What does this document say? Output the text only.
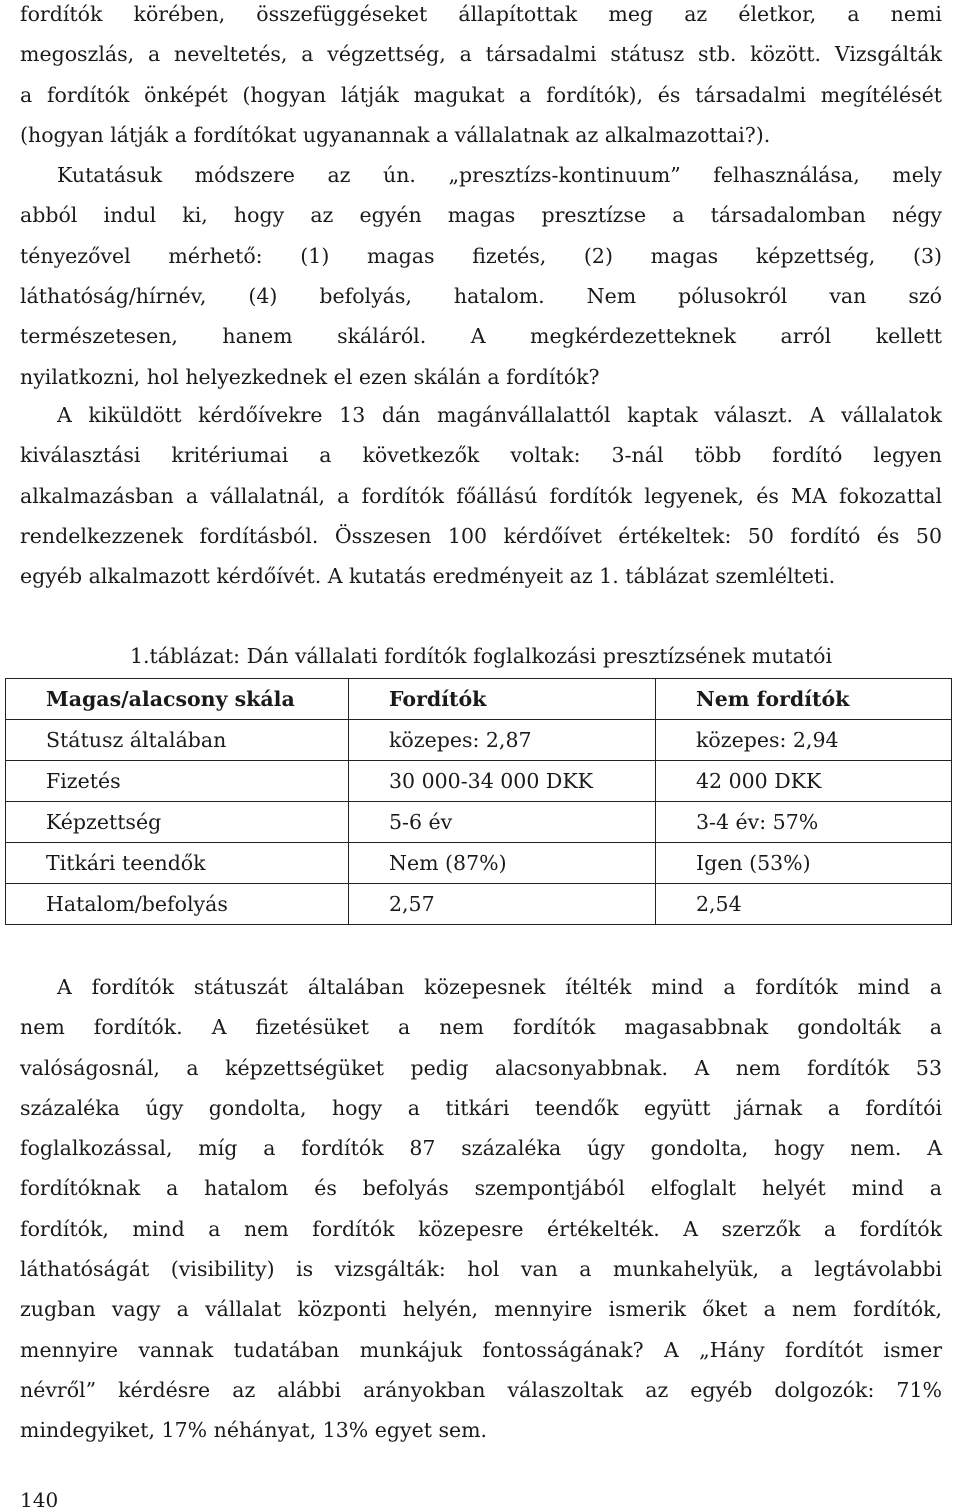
fordítók körében, összefüggéseket állapítottak meg az életkor, a nemi
megoszlás, a neveltetés, a végzettség, a társadalmi státusz stb. között. Vizsgálták
a fordítók önképét (hogyan látják magukat a fordítók), és társadalmi megítélését
(hogyan látják a fordítókat ugyanannak a vállalatnak az alkalmazottai?).
Kutatásuk módszere az ún. „presztízs-kontinuum” felhasználása, mely
abból indul ki, hogy az egyén magas presztízse a társadalomban négy
tényezővel mérhető: (1) magas fizetés, (2) magas képzettség, (3)
láthatóság/hírnév, (4) befolyás, hatalom. Nem pólusokról van szó
természetesen, hanem skáláról. A megkérdezetteknek arról kellett
nyilatkozni, hol helyezkednek el ezen skálán a fordítók?
A kiküldött kérdőívekre 13 dán magánvállalattól kaptak választ. A vállalatok
kiválasztási kritériumai a következők voltak: 3-nál több fordító legyen
alkalmazásban a vállalatnál, a fordítók főállású fordítók legyenek, és MA fokozattal
rendelkezzenek fordításból. Összesen 100 kérdőívet értékeltek: 50 fordító és 50
egyéb alkalmazott kérdőívét. A kutatás eredményeit az 1. táblázat szemlélteti.

1.táblázat: Dán vállalati fordítók foglalkozási presztízsének mutatói

Magas/alacsony skála	Fordítók	Nem fordítók
Státusz általában	közepes: 2,87	közepes: 2,94
Fizetés	30 000-34 000 DKK	42 000 DKK
Képzettség	5-6 év	3-4 év: 57%
Titkári teendők	Nem (87%)	Igen (53%)
Hatalom/befolyás	2,57	2,54
A fordítók státuszát általában közepesnek ítélték mind a fordítók mind a
nem fordítók. A fizetésüket a nem fordítók magasabbnak gondolták a
valóságosnál, a képzettségüket pedig alacsonyabbnak. A nem fordítók 53
százaléka úgy gondolta, hogy a titkári teendők együtt járnak a fordítói
foglalkozással, míg a fordítók 87 százaléka úgy gondolta, hogy nem. A
fordítóknak a hatalom és befolyás szempontjából elfoglalt helyét mind a
fordítók, mind a nem fordítók közepesre értékelték. A szerzők a fordítók
láthatóságát (visibility) is vizsgálták: hol van a munkahelyük, a legtávolabbi
zugban vagy a vállalat központi helyén, mennyire ismerik őket a nem fordítók,
mennyire vannak tudatában munkájuk fontosságának? A „Hány fordítót ismer
névről” kérdésre az alábbi arányokban válaszoltak az egyéb dolgozók: 71%
mindegyiket, 17% néhányat, 13% egyet sem.
140
